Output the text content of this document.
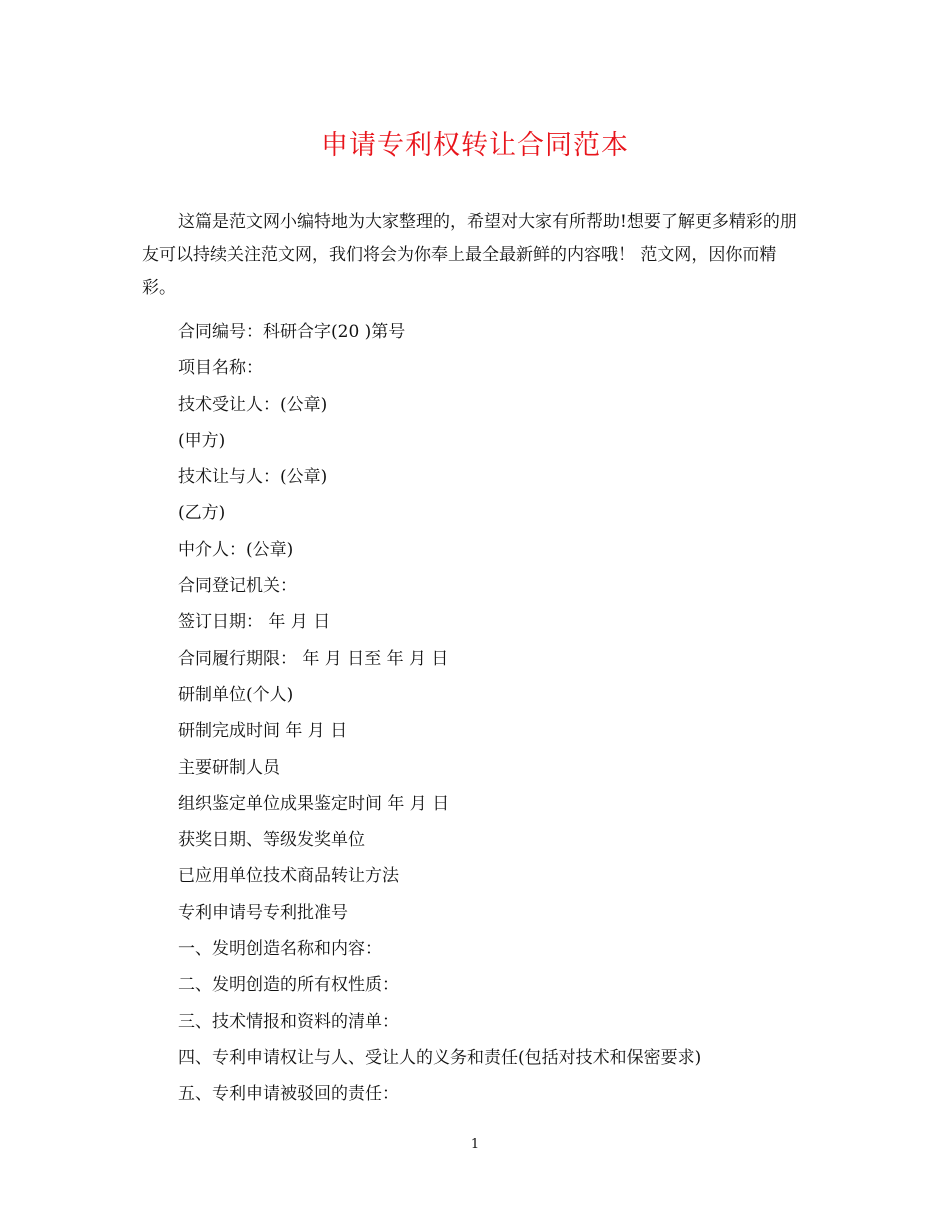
申请专利权转让合同范本

这篇是范文网小编特地为大家整理的，希望对大家有所帮助!想要了解更多精彩的朋友可以持续关注范文网，我们将会为你奉上最全最新鲜的内容哦！ 范文网，因你而精彩。

合同编号：科研合字(20 )第号
项目名称：
技术受让人：(公章)
(甲方)
技术让与人：(公章)
(乙方)
中介人：(公章)
合同登记机关：
签订日期： 年 月 日
合同履行期限： 年 月 日至 年 月 日
研制单位(个人)
研制完成时间 年 月 日
主要研制人员
组织鉴定单位成果鉴定时间 年 月 日
获奖日期、等级发奖单位
已应用单位技术商品转让方法
专利申请号专利批准号
一、发明创造名称和内容：
二、发明创造的所有权性质：
三、技术情报和资料的清单：
四、专利申请权让与人、受让人的义务和责任(包括对技术和保密要求)
五、专利申请被驳回的责任：
1
